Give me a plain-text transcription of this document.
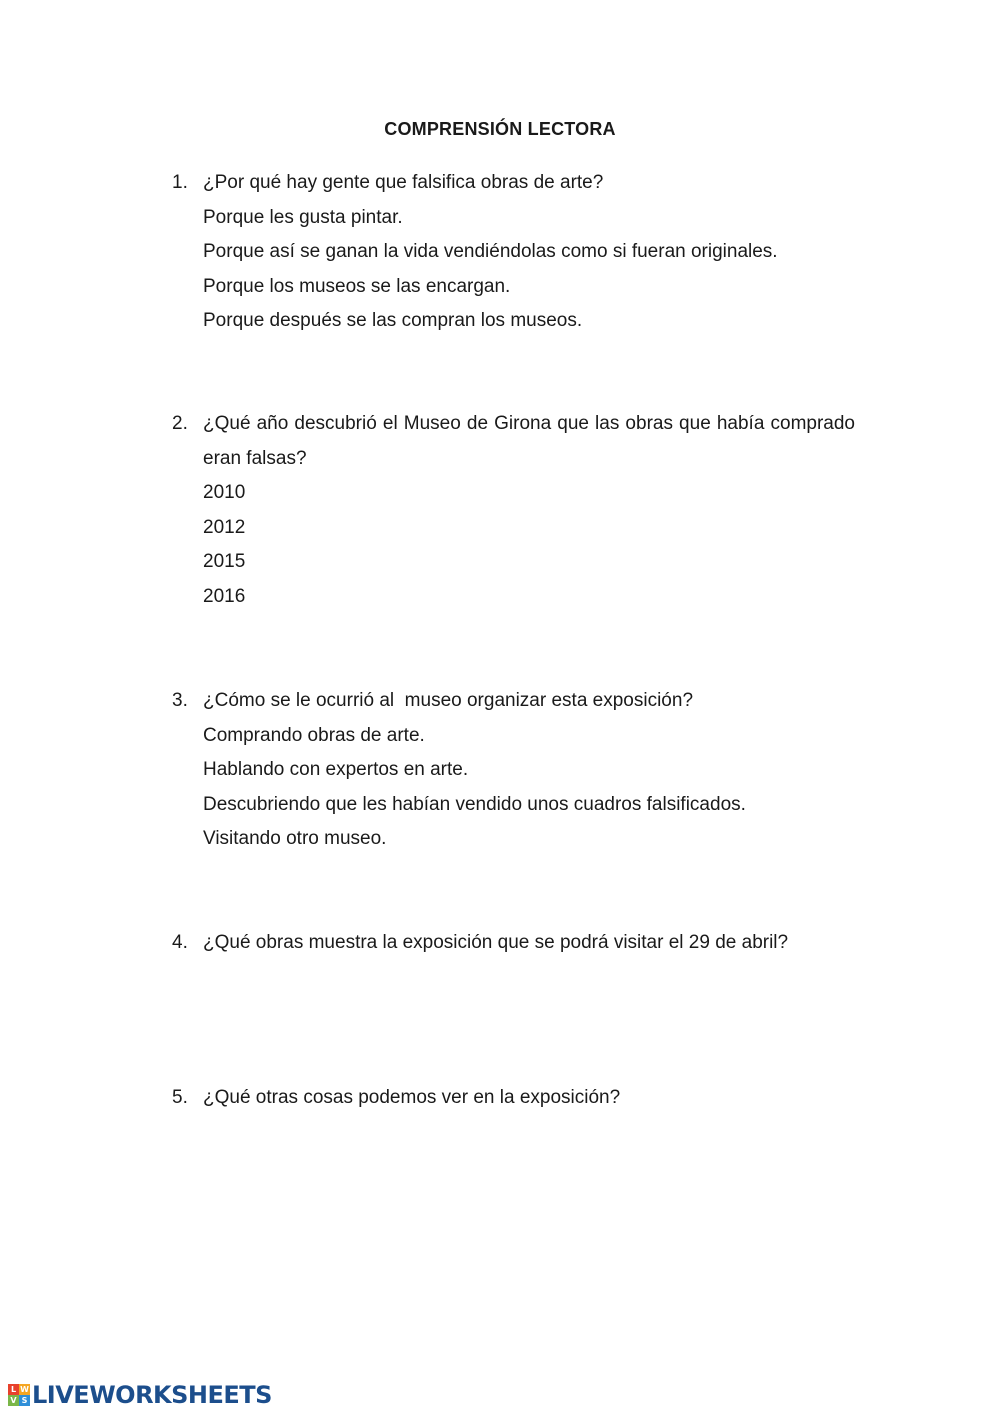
COMPRENSIÓN LECTORA
1. ¿Por qué hay gente que falsifica obras de arte?
Porque les gusta pintar.
Porque así se ganan la vida vendiéndolas como si fueran originales.
Porque los museos se las encargan.
Porque después se las compran los museos.
2. ¿Qué año descubrió el Museo de Girona que las obras que había comprado eran falsas?
2010
2012
2015
2016
3. ¿Cómo se le ocurrió al  museo organizar esta exposición?
Comprando obras de arte.
Hablando con expertos en arte.
Descubriendo que les habían vendido unos cuadros falsificados.
Visitando otro museo.
4. ¿Qué obras muestra la exposición que se podrá visitar el 29 de abril?
5. ¿Qué otras cosas podemos ver en la exposición?
L W
V S LIVEWORKSHEETS
